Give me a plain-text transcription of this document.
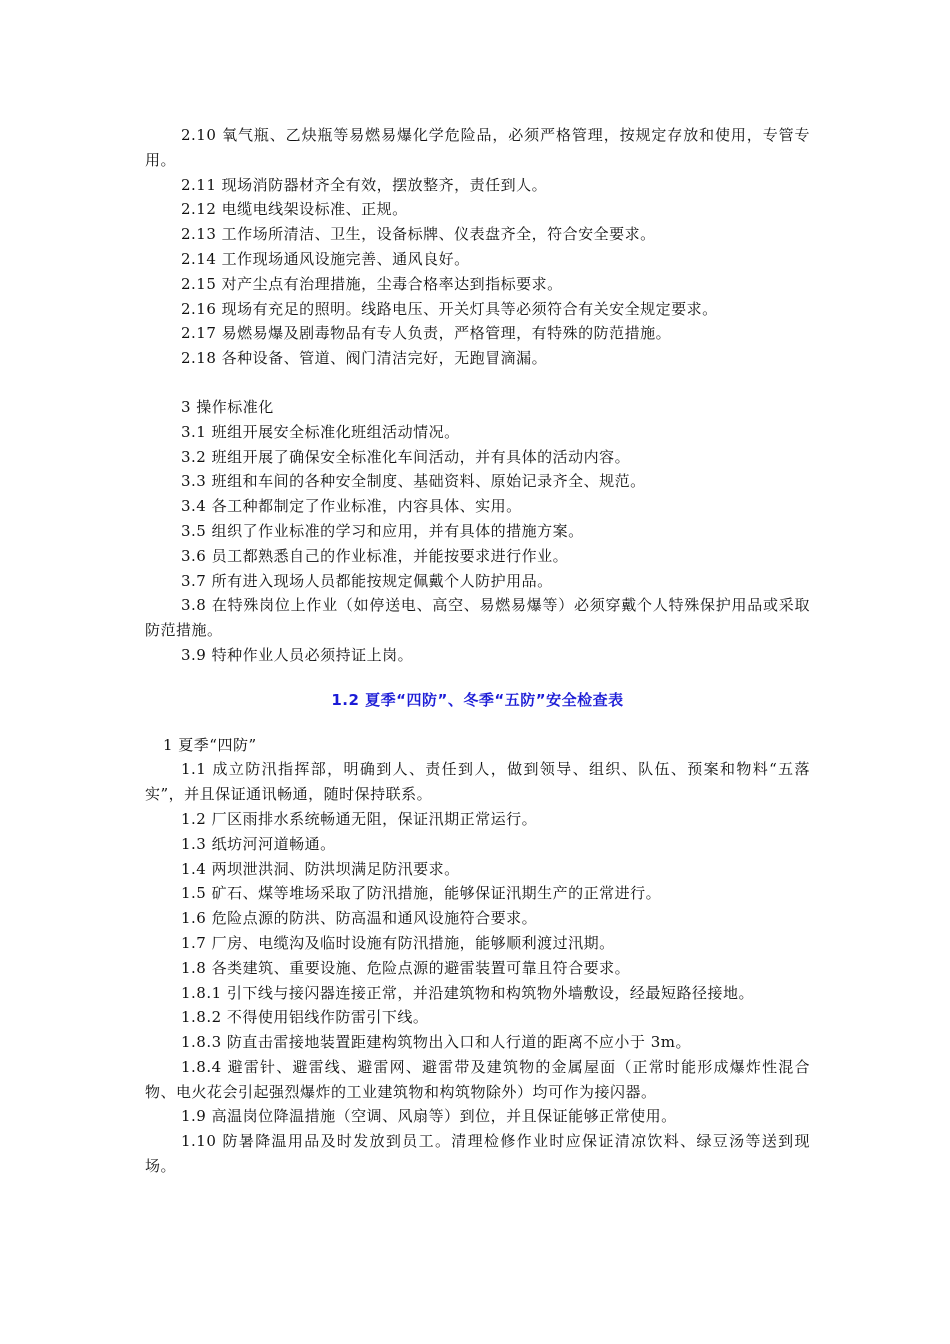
2.10 氧气瓶、乙炔瓶等易燃易爆化学危险品，必须严格管理，按规定存放和使用，专管专用。

2.11 现场消防器材齐全有效，摆放整齐，责任到人。

2.12 电缆电线架设标准、正规。

2.13 工作场所清洁、卫生，设备标牌、仪表盘齐全，符合安全要求。

2.14 工作现场通风设施完善、通风良好。

2.15 对产尘点有治理措施，尘毒合格率达到指标要求。

2.16 现场有充足的照明。线路电压、开关灯具等必须符合有关安全规定要求。

2.17 易燃易爆及剧毒物品有专人负责，严格管理，有特殊的防范措施。

2.18 各种设备、管道、阀门清洁完好，无跑冒滴漏。

3 操作标准化

3.1 班组开展安全标准化班组活动情况。

3.2 班组开展了确保安全标准化车间活动，并有具体的活动内容。

3.3 班组和车间的各种安全制度、基础资料、原始记录齐全、规范。

3.4 各工种都制定了作业标准，内容具体、实用。

3.5 组织了作业标准的学习和应用，并有具体的措施方案。

3.6 员工都熟悉自己的作业标准，并能按要求进行作业。

3.7 所有进入现场人员都能按规定佩戴个人防护用品。

3.8 在特殊岗位上作业（如停送电、高空、易燃易爆等）必须穿戴个人特殊保护用品或采取防范措施。

3.9 特种作业人员必须持证上岗。

1.2 夏季“四防”、冬季“五防”安全检查表

1 夏季“四防”

1.1 成立防汛指挥部，明确到人、责任到人，做到领导、组织、队伍、预案和物料“五落实”，并且保证通讯畅通，随时保持联系。

1.2 厂区雨排水系统畅通无阻，保证汛期正常运行。

1.3 纸坊河河道畅通。

1.4 两坝泄洪洞、防洪坝满足防汛要求。

1.5 矿石、煤等堆场采取了防汛措施，能够保证汛期生产的正常进行。

1.6 危险点源的防洪、防高温和通风设施符合要求。

1.7 厂房、电缆沟及临时设施有防汛措施，能够顺利渡过汛期。

1.8 各类建筑、重要设施、危险点源的避雷装置可靠且符合要求。

1.8.1 引下线与接闪器连接正常，并沿建筑物和构筑物外墙敷设，经最短路径接地。

1.8.2 不得使用铝线作防雷引下线。

1.8.3 防直击雷接地装置距建构筑物出入口和人行道的距离不应小于 3m。

1.8.4 避雷针、避雷线、避雷网、避雷带及建筑物的金属屋面（正常时能形成爆炸性混合物、电火花会引起强烈爆炸的工业建筑物和构筑物除外）均可作为接闪器。

1.9 高温岗位降温措施（空调、风扇等）到位，并且保证能够正常使用。

1.10 防暑降温用品及时发放到员工。清理检修作业时应保证清凉饮料、绿豆汤等送到现场。
